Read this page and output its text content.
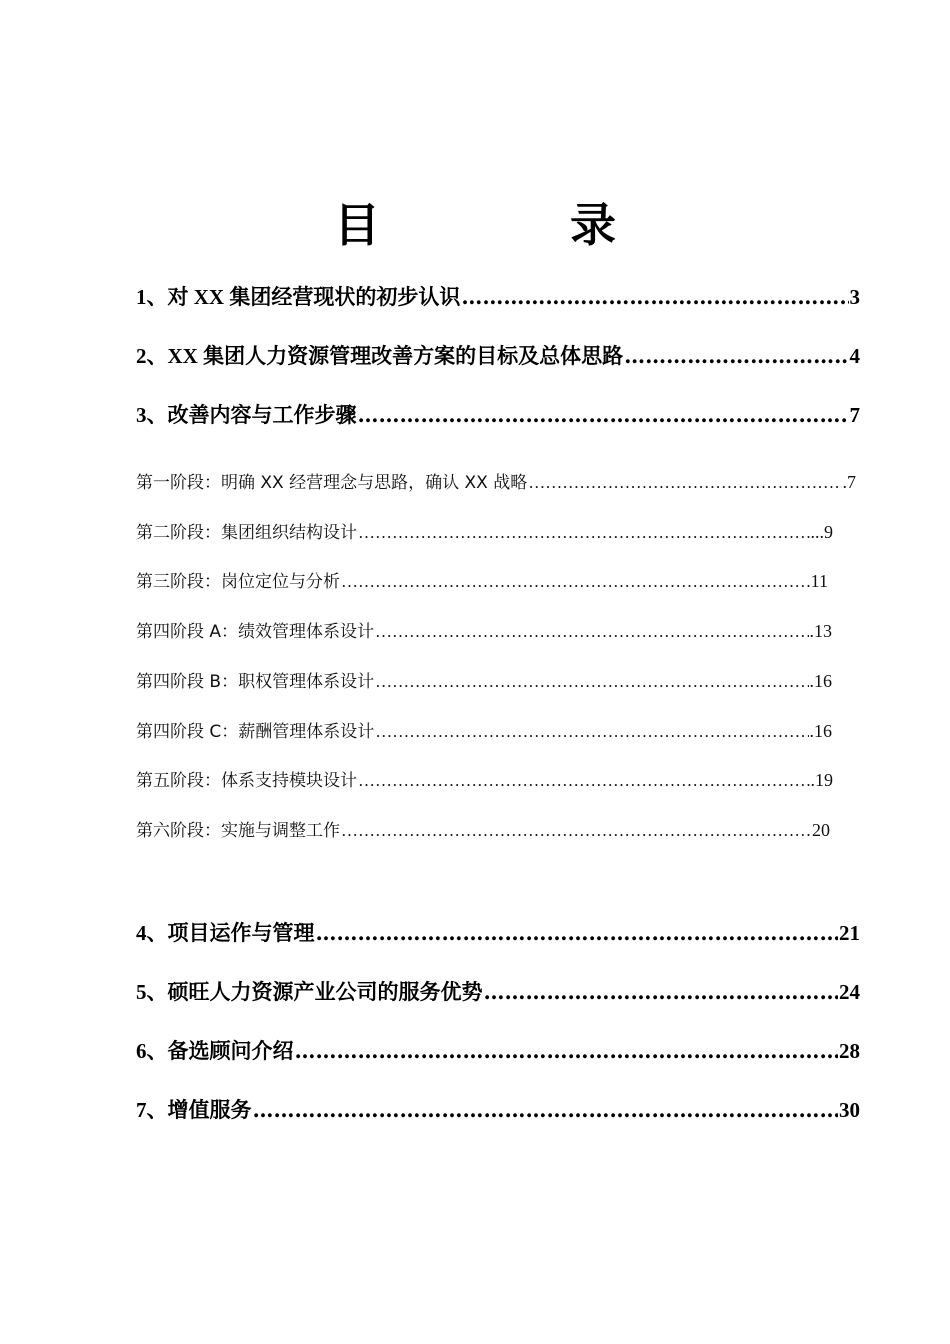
目　录
1、对 XX 集团经营现状的初步认识 …………………………………………………………………………………………………………………………………………………………………	3
2、XX 集团人力资源管理改善方案的目标及总体思路 …………………………………………………………………………………………………………………………………………………………………	4
3、改善内容与工作步骤 …………………………………………………………………………………………………………………………………………………………………	7
第一阶段：明确 XX 经营理念与思路，确认 XX 战略 …………………………………………………………………………………………………………………………………………………………………	.7
第二阶段：集团组织结构设计 …………………………………………………………………………………………………………………………………………………………………	...9
第三阶段：岗位定位与分析 …………………………………………………………………………………………………………………………………………………………………	11
第四阶段 A：绩效管理体系设计 …………………………………………………………………………………………………………………………………………………………………	.13
第四阶段 B：职权管理体系设计 …………………………………………………………………………………………………………………………………………………………………	.16
第四阶段 C：薪酬管理体系设计 …………………………………………………………………………………………………………………………………………………………………	.16
第五阶段：体系支持模块设计 …………………………………………………………………………………………………………………………………………………………………	.19
第六阶段：实施与调整工作 …………………………………………………………………………………………………………………………………………………………………	20
4、项目运作与管理 …………………………………………………………………………………………………………………………………………………………………	21
5、硕旺人力资源产业公司的服务优势 …………………………………………………………………………………………………………………………………………………………………	24
6、备选顾问介绍 …………………………………………………………………………………………………………………………………………………………………	28
7、增值服务 …………………………………………………………………………………………………………………………………………………………………	30
